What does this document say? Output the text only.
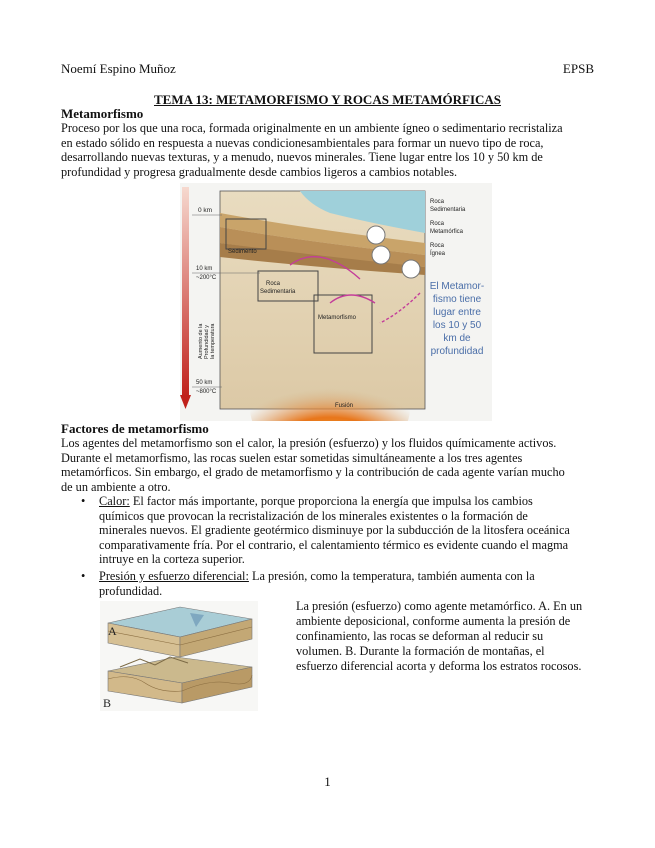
Noemí Espino Muñoz	EPSB
TEMA 13: METAMORFISMO Y ROCAS METAMÓRFICAS
Metamorfismo
Proceso por los que una roca, formada originalmente en un ambiente ígneo o sedimentario recristaliza
en estado sólido en respuesta a nuevas condicionesambientales para formar un nuevo tipo de roca,
desarrollando nuevas texturas, y a menudo, nuevos minerales. Tiene lugar entre los 10 y 50 km de
profundidad y progresa gradualmente desde cambios ligeros a cambios notables.
0 km
10 km
~200°C
50 km
~800°C
Aumento de la Profundidad y la temperatura
Sedimento
Roca
Sedimentaria
Metamorfismo
Fusión
Roca
Sedimentaria
Roca
Metamórfica
Roca
Ígnea
El Metamor-
fismo tiene
lugar entre
los 10 y 50
km de
profundidad
Factores de metamorfismo
Los agentes del metamorfismo son el calor, la presión (esfuerzo) y los fluidos químicamente activos.
Durante el metamorfismo, las rocas suelen estar sometidas simultáneamente a los tres agentes
metamórficos. Sin embargo, el grado de metamorfismo y la contribución de cada agente varían mucho
de un ambiente a otro.
• Calor: El factor más importante, porque proporciona la energía que impulsa los cambios
químicos que provocan la recristalización de los minerales existentes o la formación de
minerales nuevos. El gradiente geotérmico disminuye por la subducción de la litosfera oceánica
comparativamente fría. Por el contrario, el calentamiento térmico es evidente cuando el magma
intruye en la corteza superior.
• Presión y esfuerzo diferencial: La presión, como la temperatura, también aumenta con la
profundidad.
A
B
La presión (esfuerzo) como agente metamórfico. A. En un
ambiente deposicional, conforme aumenta la presión de
confinamiento, las rocas se deforman al reducir su
volumen. B. Durante la formación de montañas, el
esfuerzo diferencial acorta y deforma los estratos rocosos.
1
